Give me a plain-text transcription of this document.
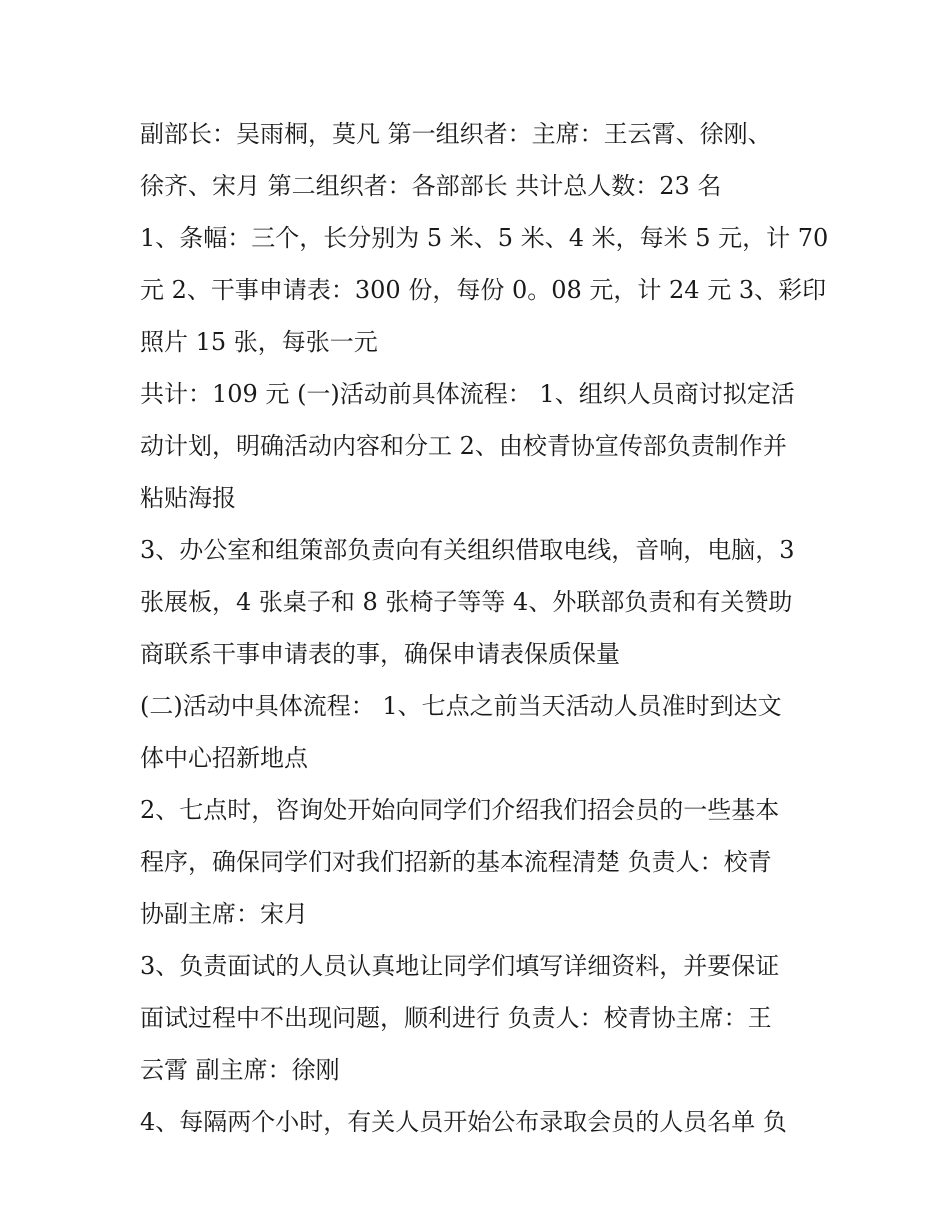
副部长：吴雨桐，莫凡 第一组织者：主席：王云霄、徐刚、
徐齐、宋月 第二组织者：各部部长 共计总人数：23 名
1、条幅：三个，长分别为 5 米、5 米、4 米，每米 5 元，计 70
元 2、干事申请表：300 份，每份 0。08 元，计 24 元 3、彩印
照片 15 张，每张一元
共计：109 元 (一)活动前具体流程： 1、组织人员商讨拟定活
动计划，明确活动内容和分工 2、由校青协宣传部负责制作并
粘贴海报
3、办公室和组策部负责向有关组织借取电线，音响，电脑，3
张展板，4 张桌子和 8 张椅子等等 4、外联部负责和有关赞助
商联系干事申请表的事，确保申请表保质保量
(二)活动中具体流程： 1、七点之前当天活动人员准时到达文
体中心招新地点
2、七点时，咨询处开始向同学们介绍我们招会员的一些基本
程序，确保同学们对我们招新的基本流程清楚 负责人：校青
协副主席：宋月
3、负责面试的人员认真地让同学们填写详细资料，并要保证
面试过程中不出现问题，顺利进行 负责人：校青协主席：王
云霄 副主席：徐刚
4、每隔两个小时，有关人员开始公布录取会员的人员名单 负
